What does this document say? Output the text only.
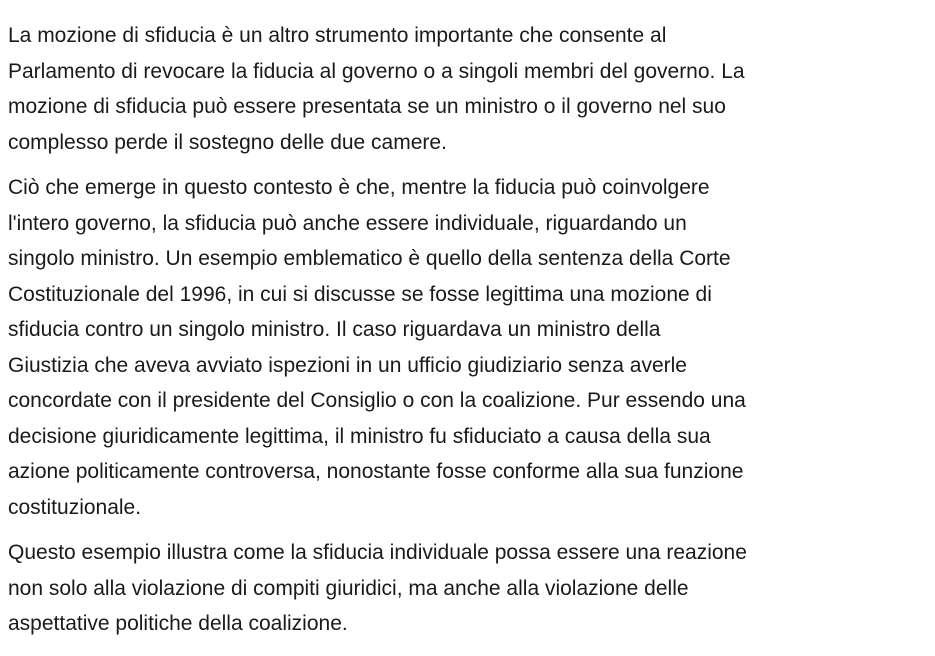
La mozione di sfiducia è un altro strumento importante che consente al
Parlamento di revocare la fiducia al governo o a singoli membri del governo. La
mozione di sfiducia può essere presentata se un ministro o il governo nel suo
complesso perde il sostegno delle due camere.

Ciò che emerge in questo contesto è che, mentre la fiducia può coinvolgere
l'intero governo, la sfiducia può anche essere individuale, riguardando un
singolo ministro. Un esempio emblematico è quello della sentenza della Corte
Costituzionale del 1996, in cui si discusse se fosse legittima una mozione di
sfiducia contro un singolo ministro. Il caso riguardava un ministro della
Giustizia che aveva avviato ispezioni in un ufficio giudiziario senza averle
concordate con il presidente del Consiglio o con la coalizione. Pur essendo una
decisione giuridicamente legittima, il ministro fu sfiduciato a causa della sua
azione politicamente controversa, nonostante fosse conforme alla sua funzione
costituzionale.

Questo esempio illustra come la sfiducia individuale possa essere una reazione
non solo alla violazione di compiti giuridici, ma anche alla violazione delle
aspettative politiche della coalizione.
